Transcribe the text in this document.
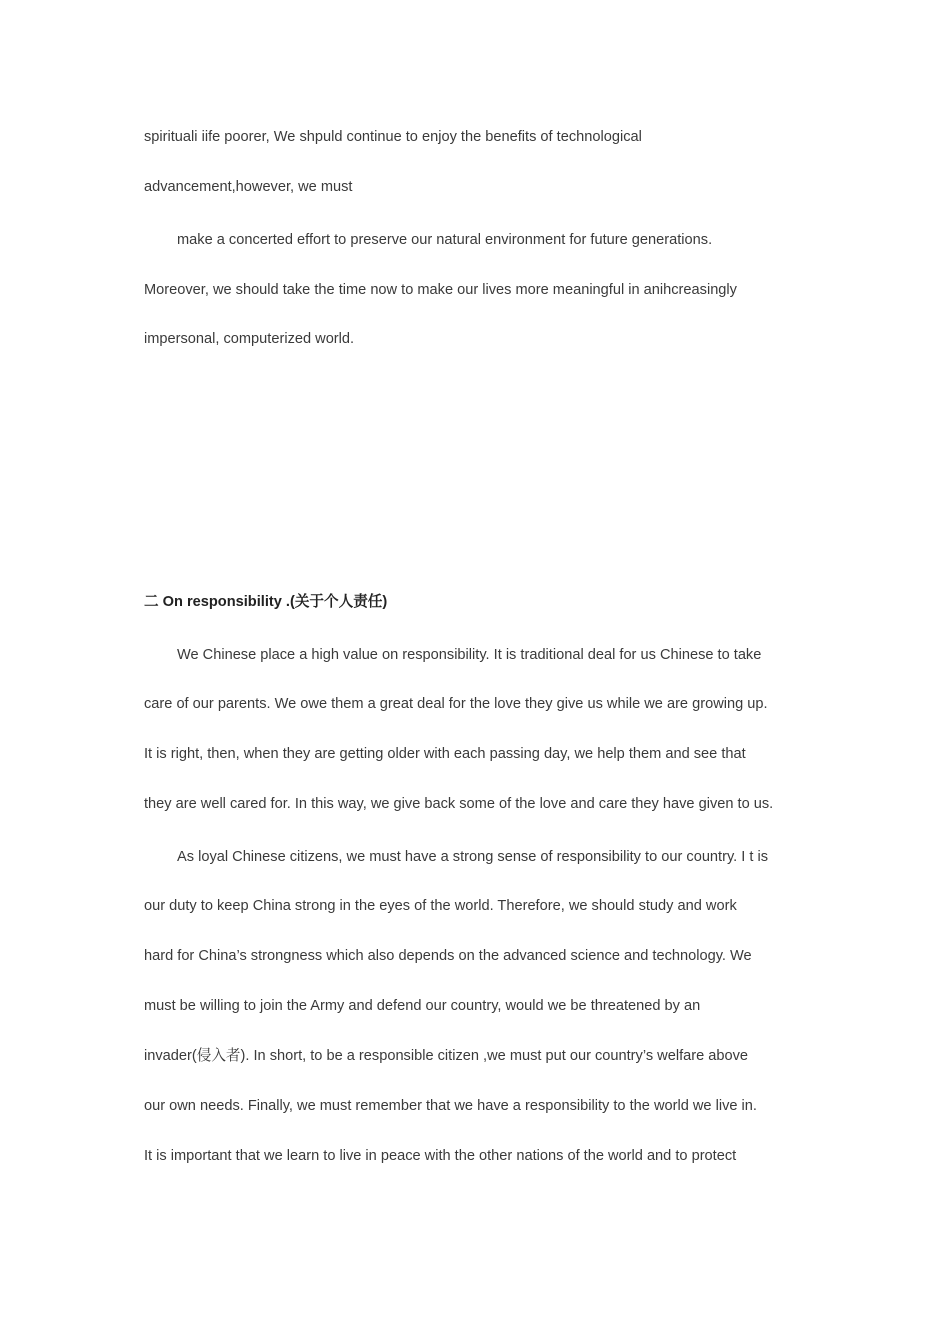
spirituali iife poorer, We shpuld continue to enjoy the benefits of technological
advancement,however, we must
make a concerted effort to preserve our natural environment for future generations.
Moreover, we should take the time now to make our lives more meaningful in anihcreasingly
impersonal, computerized world.
二 On responsibility .(关于个人责任)
We Chinese place a high value on responsibility. It is traditional deal for us Chinese to take
care of our parents. We owe them a great deal for the love they give us while we are growing up.
It is right, then, when they are getting older with each passing day, we help them and see that
they are well cared for. In this way, we give back some of the love and care they have given to us.
As loyal Chinese citizens, we must have a strong sense of responsibility to our country. I t is
our duty to keep China strong in the eyes of the world. Therefore, we should study and work
hard for China’s strongness which also depends on the advanced science and technology. We
must be willing to join the Army and defend our country, would we be threatened by an
invader(侵入者). In short, to be a responsible citizen ,we must put our country’s welfare above
our own needs. Finally, we must remember that we have a responsibility to the world we live in.
It is important that we learn to live in peace with the other nations of the world and to protect
